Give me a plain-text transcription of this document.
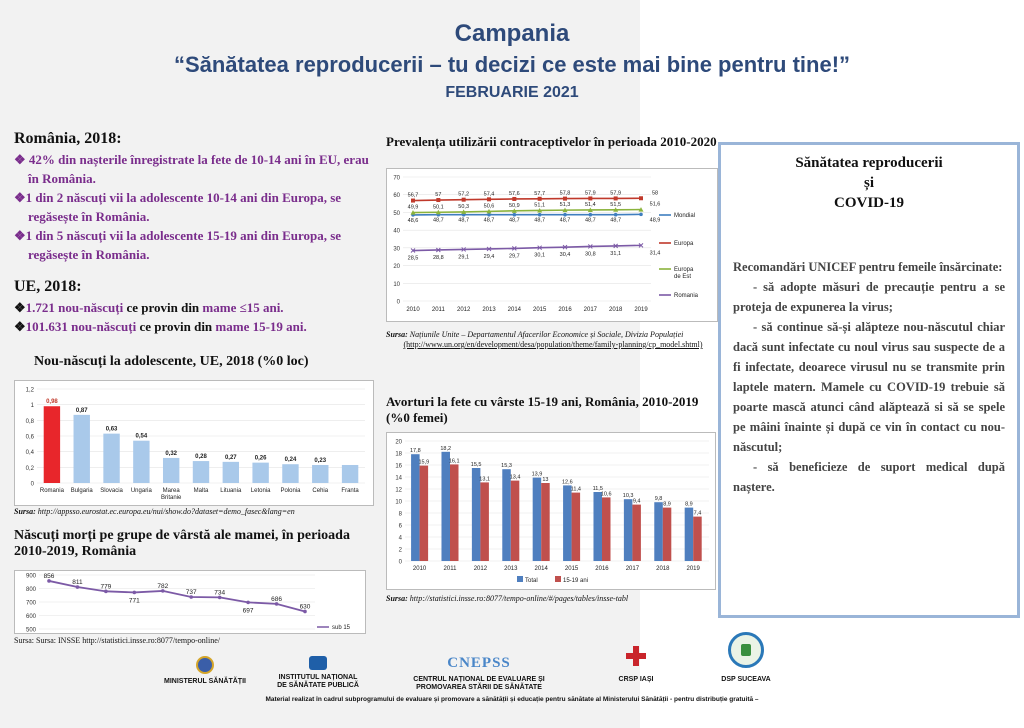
Campania
“Sănătatea reproducerii – tu decizi ce este mai bine pentru tine!”
FEBRUARIE 2021
România, 2018:
❖ 42% din nașterile înregistrate la fete de 10-14 ani în EU, erau în România.
❖1 din 2 născuți vii la adolescente 10-14 ani din Europa, se regăsește în România.
❖1 din 5 născuți vii la adolescente 15-19 ani din Europa, se regăsește în România.
UE, 2018:
❖1.721 nou-născuți ce provin din mame ≤15 ani.
❖101.631 nou-născuți ce provin din mame 15-19 ani.
Nou-născuți la adolescente, UE, 2018 (%0 loc)
0
0,2
0,4
0,6
0,8
1
1,2
0,98
Romania
0,87
Bulgaria
0,63
Slovacia
0,54
Ungaria
0,32
Marea
Britanie
0,28
Malta
0,27
Lituania
0,26
Letonia
0,24
Polonia
0,23
Cehia Franta
Sursa: http://appsso.eurostat.ec.europa.eu/nui/show.do?dataset=demo_fasec&lang=en
Născuți morți pe grupe de vârstă ale mamei, în perioada 2010-2019, România
500
600
700
800
900 856
811
779
771
782
737	734
697
686
630
sub 15
Sursa: Sursa: INSSE http://statistici.insse.ro:8077/tempo-online/
Prevalența utilizării contraceptivelor în perioada 2010-2020
0
10
20
30
40
50
60
70
2010 2011 2012 2013 2014 2015 2016 2017 2018 2019
48,6	48,7	48,7	48,7	48,7	48,7	48,7	48,7	48,7	48,9
56,7	57	57,2	57,4	57,6	57,7	57,8	57,9	57,9	58
49,9	50,1	50,3	50,6	50,9	51,1	51,3	51,4	51,5	51,6
28,5	28,8	29,1	29,4	29,7	30,1	30,4	30,8	31,1	31,4
Mondial
Europa
Europa
de Est
Romania
Sursa: Națiunile Unite – Departamentul Afacerilor Economice și Sociale, Divizia Populației
(http://www.un.org/en/development/desa/population/theme/family-planning/cp_model.shtml)
Avorturi la fete cu vârste 15-19 ani, România, 2010-2019 (%0 femei)
0
2
4
6
8
10
12
14
16
18
20
17,8
15,9
2010
18,2
16,1
2011
15,5
13,1
2012
15,3
13,4
2013
13,9
13
2014
12,6
11,4
2015
11,5
10,6
2016
10,3
9,4
2017
9,8
8,9
2018
8,9
7,4
2019
Total	15-19 ani
Sursa: http://statistici.insse.ro:8077/tempo-online/#/pages/tables/insse-tabl
Sănătatea reproducerii
și
COVID-19

Recomandări UNICEF pentru femeile însărcinate:

- să adopte măsuri de precauție pentru a se proteja de expunerea la virus;

- să continue să-și alăpteze nou-născutul chiar dacă sunt infectate cu noul virus sau suspecte de a fi infectate, deoarece virusul nu se transmite prin laptele matern. Mamele cu COVID-19 trebuie să poarte mască atunci când alăptează si să se spele pe mâini înainte și după ce vin în contact cu nou-născutul;

- să beneficieze de suport medical după naștere.

MINISTERUL SĂNĂTĂȚII
INSTITUTUL NAȚIONAL
DE SĂNĂTATE PUBLICĂ
CNEPSS
CENTRUL NAȚIONAL DE EVALUARE ȘI
PROMOVAREA STĂRII DE SĂNĂTATE
CRSP IAȘI	DSP SUCEAVA
Material realizat în cadrul subprogramului de evaluare și promovare a sănătății și educație pentru sănătate al Ministerului Sănătății - pentru distribuție gratuită –
